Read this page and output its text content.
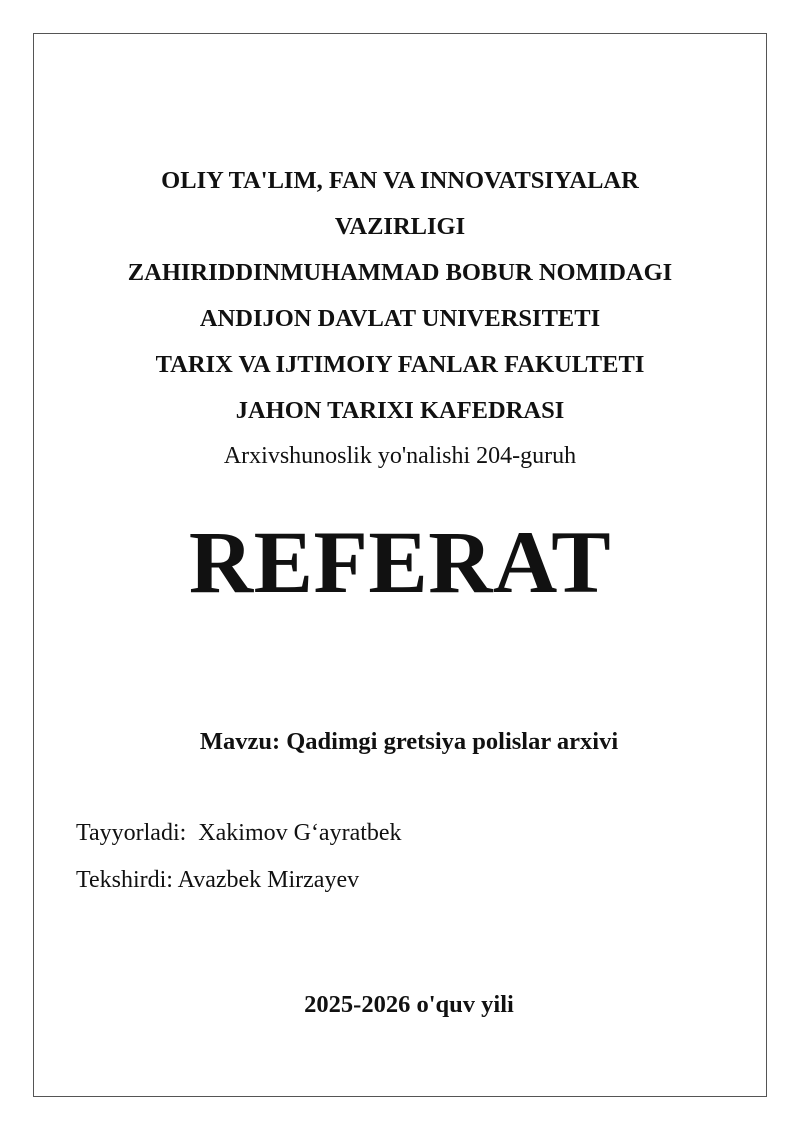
OLIY TA'LIM, FAN VA INNOVATSIYALAR
VAZIRLIGI
ZAHIRIDDINMUHAMMAD BOBUR NOMIDAGI
ANDIJON DAVLAT UNIVERSITETI
TARIX VA IJTIMOIY FANLAR FAKULTETI
JAHON TARIXI KAFEDRASI
Arxivshunoslik yo'nalishi 204-guruh
REFERAT
Mavzu: Qadimgi gretsiya polislar arxivi
Tayyorladi:  Xakimov G‘ayratbek
Tekshirdi: Avazbek Mirzayev
2025-2026 o'quv yili
